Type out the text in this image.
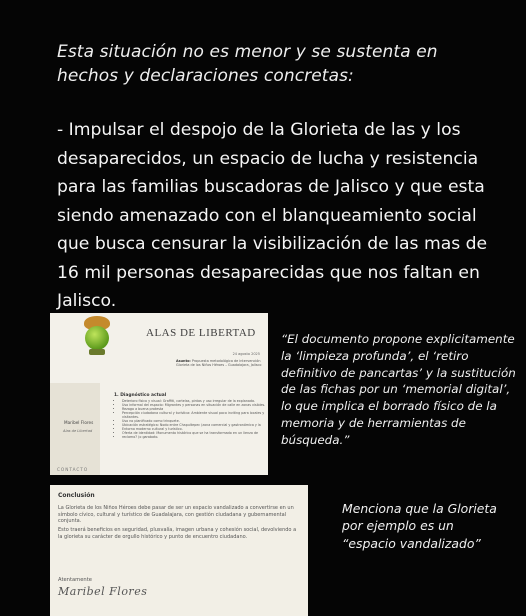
Esta situación no es menor y se sustenta en
hechos y declaraciones concretas:
- Impulsar el despojo de la Glorieta de las y los desaparecidos, un espacio de lucha y resistencia para las familias buscadoras de Jalisco y que esta siendo amenazado con el blanqueamiento social que busca censurar la visibilización de las mas de 16 mil personas desaparecidas que nos faltan en Jalisco.
ALAS DE LIBERTAD
24 agosto 2025
Asunto: Propuesta metodológica de intervención Glorieta de los Niños Héroes – Guadalajara, Jalisco
Maribel Flores
Alas de Libertad
CONTACTO
1. Diagnóstico actual
• Deterioro físico y visual: Graffiti, cartelas, pintas y uso irregular de la explanada.
• Uso informal del espacio: Migrantes y personas en situación de calle en zonas visibles.
• Rezago a buena protesta
• Percepción ciudadana cultural y turística: Ambiente visual poco inviting para locales y visitantes.
• Uso no planificado como trinquete.
• Ubicación estratégica: Nodo entre Chapultepec (zona comercial y gastronómica y la
• Entorno moderno cultural y turístico.
• Oferta de identidad: Monumento histórico que se ha transformado en un lienzo de
• reclamo? (o garabato.
“El documento propone explicitamente la ‘limpieza profunda’, el ‘retiro definitivo de pancartas’ y la sustitución de las fichas por un ‘memorial digital’, lo que implica el borrado físico de la memoria y de herramientas de búsqueda.”
Conclusión
La Glorieta de los Niños Héroes debe pasar de ser un espacio vandalizado a convertirse en un símbolo cívico, cultural y turístico de Guadalajara, con gestión ciudadana y gubernamental conjunta.
Esto traerá beneficios en seguridad, plusvalía, imagen urbana y cohesión social, devolviendo a la glorieta su carácter de orgullo histórico y punto de encuentro ciudadano.
Atentamente
Maribel Flores
Menciona que la Glorieta por ejemplo es un “espacio vandalizado”
